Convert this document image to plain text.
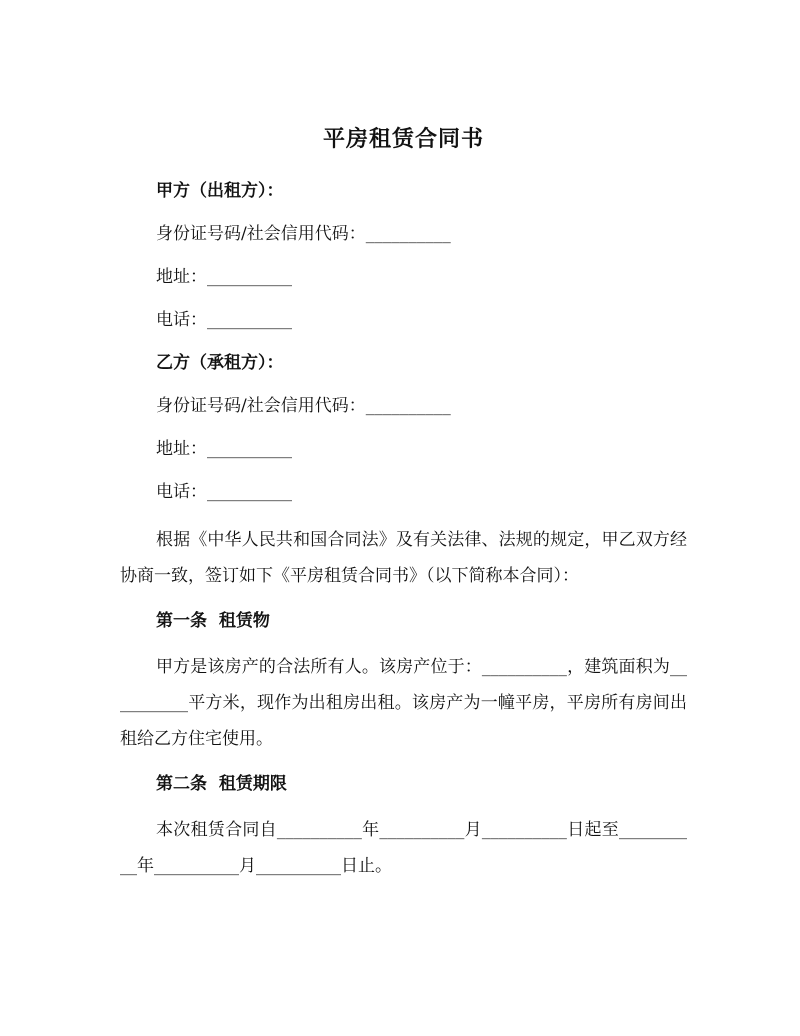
平房租赁合同书
甲方（出租方）：
身份证号码/社会信用代码：__________
地址：__________
电话：__________
乙方（承租方）：
身份证号码/社会信用代码：__________
地址：__________
电话：__________

根据《中华人民共和国合同法》及有关法律、法规的规定，甲乙双方经协商一致，签订如下《平房租赁合同书》（以下简称本合同）：

第一条  租赁物

甲方是该房产的合法所有人。该房产位于：__________，建筑面积为__________平方米，现作为出租房出租。该房产为一幢平房，平房所有房间出租给乙方住宅使用。

第二条  租赁期限

本次租赁合同自__________年__________月__________日起至__________年__________月__________日止。
